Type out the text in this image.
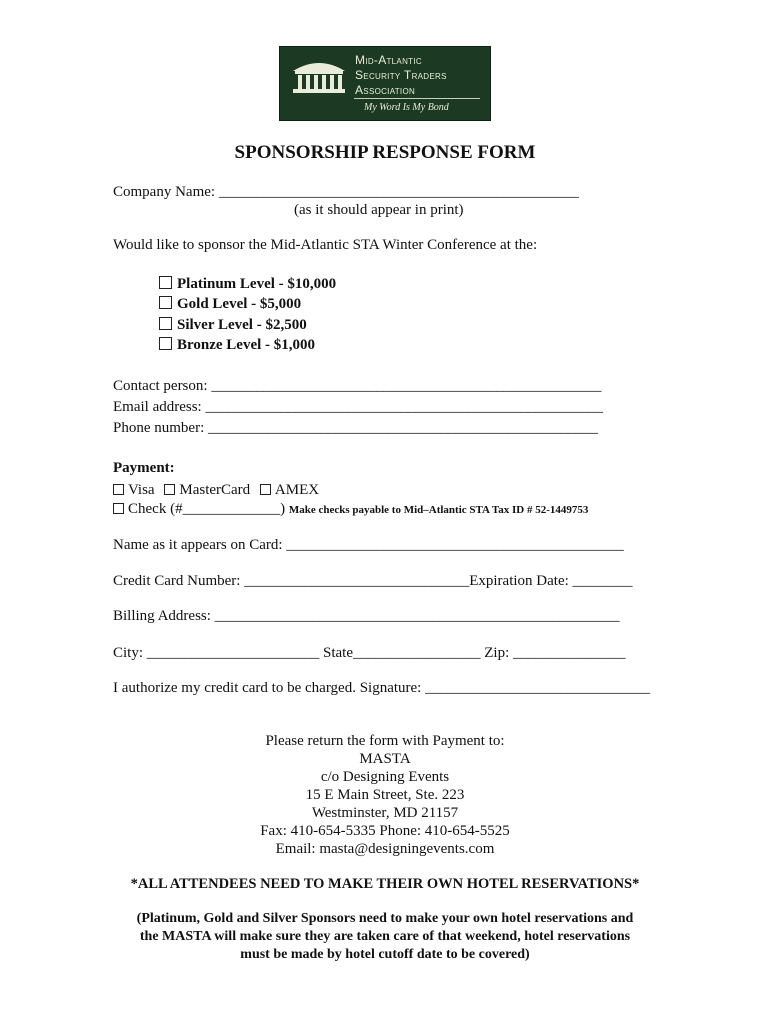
Mid-Atlantic
Security Traders
Association
My Word Is My Bond
SPONSORSHIP RESPONSE FORM
Company Name: ________________________________________________
(as it should appear in print)
Would like to sponsor the Mid-Atlantic STA Winter Conference at the:
Platinum Level - $10,000
Gold Level - $5,000
Silver Level - $2,500
Bronze Level - $1,000
Contact person: ____________________________________________________
Email address: _____________________________________________________
Phone number: ____________________________________________________
Payment:
Visa MasterCard AMEX
Check (#_____________) Make checks payable to Mid–Atlantic STA Tax ID # 52-1449753
Name as it appears on Card: _____________________________________________
Credit Card Number: ______________________________Expiration Date: ________
Billing Address: ______________________________________________________
City: _______________________ State_________________ Zip: _______________
I authorize my credit card to be charged. Signature: ______________________________
Please return the form with Payment to:
MASTA
c/o Designing Events
15 E Main Street, Ste. 223
Westminster, MD 21157
Fax: 410-654-5335 Phone: 410-654-5525
Email: masta@designingevents.com
*ALL ATTENDEES NEED TO MAKE THEIR OWN HOTEL RESERVATIONS*
(Platinum, Gold and Silver Sponsors need to make your own hotel reservations and
the MASTA will make sure they are taken care of that weekend, hotel reservations
must be made by hotel cutoff date to be covered)
